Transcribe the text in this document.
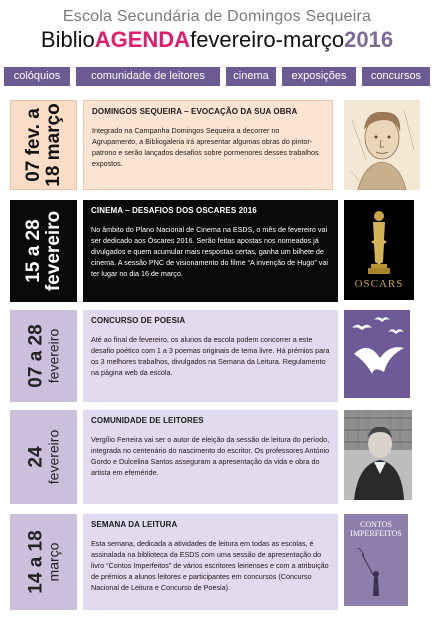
Escola Secundária de Domingos Sequeira
BiblioAGENDAfevereiro-março2016
colóquios	comunidade de leitores	cinema	exposições	concursos
07 fev. a
18 março	DOMINGOS SEQUEIRA – EVOCAÇÃO DA SUA OBRA

Integrado na Campanha Domingos Sequeira a decorrer no Agrupamento, a Bibliogaleria irá apresentar algumas obras do pintor-patrono e serão lançados desafios sobre pormenores desses trabalhos expostos.

15 a 28
fevereiro
CINEMA – DESAFIOS DOS OSCARES 2016

No âmbito do Plano Nacional de Cinema na ESDS, o mês de fevereiro vai ser dedicado aos Óscares 2016. Serão feitas apostas nos nomeados já divulgados e quem acumular mais respostas certas, ganha um bilhete de cinema. A sessão PNC de visionamento do filme “A invenção de Hugo” vai ter lugar no dia 16 de março.

OSCARS
07 a 28
fevereiro
CONCURSO DE POESIA

Até ao final de fevereiro, os alunos da escola podem concorrer a este desafio poético com 1 a 3 poemas originais de tema livre. Há prémios para os 3 melhores trabalhos, divulgados na Semana da Leitura. Regulamento na página web da escola.

24
fevereiro
COMUNIDADE DE LEITORES

Vergílio Ferreira vai ser o autor de eleição da sessão de leitura do período, integrada no centenário do nascimento do escritor. Os professores António Gordo e Dulcelina Santos asseguram a apresentação da vida e obra do artista em efeméride.

14 a 18
março
SEMANA DA LEITURA

Esta semana, dedicada a atividades de leitura em todas as escolas, é assinalada na biblioteca da ESDS com uma sessão de apresentação do livro “Contos Imperfeitos” de vários escritores leirienses e com a atribuição de prémios a alunos leitores e participantes em concursos (Concurso Nacional de Leitura e Concurso de Poesia).

CONTOS IMPERFEITOS
